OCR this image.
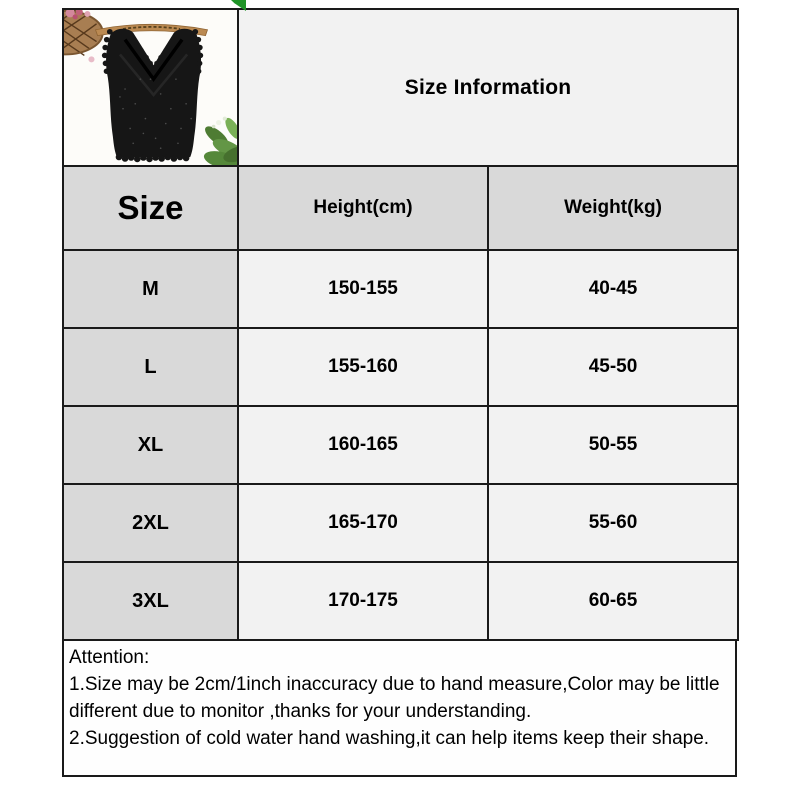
	Size Information	
Size	Height(cm)	Weight(kg)
M	150-155	40-45
L	155-160	45-50
XL	160-165	50-55
2XL	165-170	55-60
3XL	170-175	60-65
Attention:
1.Size may be 2cm/1inch inaccuracy due to hand measure,Color may be little
different due to monitor ,thanks for your understanding.
2.Suggestion of cold water hand washing,it can help items keep their shape.
